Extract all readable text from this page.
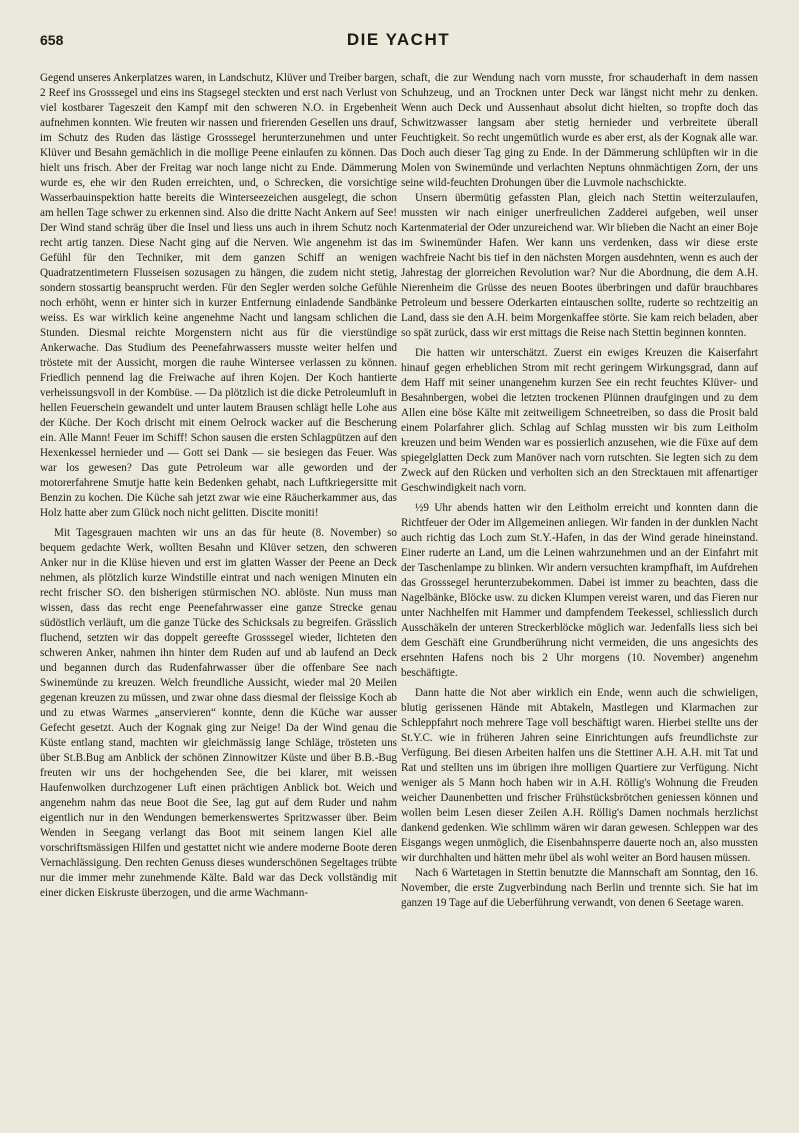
658	DIE YACHT

Gegend unseres Ankerplatzes waren, in Landschutz, Klüver und Treiber bargen, 2 Reef ins Grosssegel und eins ins Stagsegel steckten und erst nach Verlust von viel kostbarer Tageszeit den Kampf mit den schweren N.O. in Ergebenheit aufnehmen konnten. Wie freuten wir nassen und frierenden Gesellen uns drauf, im Schutz des Ruden das lästige Grosssegel herunterzunehmen und unter Klüver und Besahn gemächlich in die mollige Peene einlaufen zu können. Das hielt uns frisch. Aber der Freitag war noch lange nicht zu Ende. Dämmerung wurde es, ehe wir den Ruden erreichten, und, o Schrecken, die vorsichtige Wasserbauinspektion hatte bereits die Winterseezeichen ausgelegt, die schon am hellen Tage schwer zu erkennen sind. Also die dritte Nacht Ankern auf See! Der Wind stand schräg über die Insel und liess uns auch in ihrem Schutz noch recht artig tanzen. Diese Nacht ging auf die Nerven. Wie angenehm ist das Gefühl für den Techniker, mit dem ganzen Schiff an wenigen Quadratzentimetern Flusseisen sozusagen zu hängen, die zudem nicht stetig, sondern stossartig beansprucht werden. Für den Segler werden solche Gefühle noch erhöht, wenn er hinter sich in kurzer Entfernung einladende Sandbänke weiss. Es war wirklich keine angenehme Nacht und langsam schlichen die Stunden. Diesmal reichte Morgenstern nicht aus für die vierstündige Ankerwache. Das Studium des Peenefahrwassers musste weiter helfen und tröstete mit der Aussicht, morgen die rauhe Wintersee verlassen zu können. Friedlich pennend lag die Freiwache auf ihren Kojen. Der Koch hantierte verheissungsvoll in der Kombüse. — Da plötzlich ist die dicke Petroleumluft in hellen Feuerschein gewandelt und unter lautem Brausen schlägt helle Lohe aus der Küche. Der Koch drischt mit einem Oelrock wacker auf die Bescherung ein. Alle Mann! Feuer im Schiff! Schon sausen die ersten Schlagpützen auf den Hexenkessel hernieder und — Gott sei Dank — sie besiegen das Feuer. Was war los gewesen? Das gute Petroleum war alle geworden und der motorerfahrene Smutje hatte kein Bedenken gehabt, nach Luftkriegersitte mit Benzin zu kochen. Die Küche sah jetzt zwar wie eine Räucherkammer aus, das Holz hatte aber zum Glück noch nicht gelitten. Discite moniti!

Mit Tagesgrauen machten wir uns an das für heute (8. November) so bequem gedachte Werk, wollten Besahn und Klüver setzen, den schweren Anker nur in die Klüse hieven und erst im glatten Wasser der Peene an Deck nehmen, als plötzlich kurze Windstille eintrat und nach wenigen Minuten ein recht frischer SO. den bisherigen stürmischen NO. ablöste. Nun muss man wissen, dass das recht enge Peenefahrwasser eine ganze Strecke genau südöstlich verläuft, um die ganze Tücke des Schicksals zu begreifen. Grässlich fluchend, setzten wir das doppelt gereefte Grosssegel wieder, lichteten den schweren Anker, nahmen ihn hinter dem Ruden auf und ab laufend an Deck und begannen durch das Rudenfahrwasser über die offenbare See nach Swinemünde zu kreuzen. Welch freundliche Aussicht, wieder mal 20 Meilen gegenan kreuzen zu müssen, und zwar ohne dass diesmal der fleissige Koch ab und zu etwas Warmes „anservieren“ konnte, denn die Küche war ausser Gefecht gesetzt. Auch der Kognak ging zur Neige! Da der Wind genau die Küste entlang stand, machten wir gleichmässig lange Schläge, trösteten uns über St.B.Bug am Anblick der schönen Zinnowitzer Küste und über B.B.-Bug freuten wir uns der hochgehenden See, die bei klarer, mit weissen Haufenwolken durchzogener Luft einen prächtigen Anblick bot. Weich und angenehm nahm das neue Boot die See, lag gut auf dem Ruder und nahm eigentlich nur in den Wendungen bemerkenswertes Spritzwasser über. Beim Wenden in Seegang verlangt das Boot mit seinem langen Kiel alle vorschriftsmässigen Hilfen und gestattet nicht wie andere moderne Boote deren Vernachlässigung. Den rechten Genuss dieses wunderschönen Segeltages trübte nur die immer mehr zunehmende Kälte. Bald war das Deck vollständig mit einer dicken Eiskruste überzogen, und die arme Wachmann-

schaft, die zur Wendung nach vorn musste, fror schauderhaft in dem nassen Schuhzeug, und an Trocknen unter Deck war längst nicht mehr zu denken. Wenn auch Deck und Aussenhaut absolut dicht hielten, so tropfte doch das Schwitzwasser langsam aber stetig hernieder und verbreitete überall Feuchtigkeit. So recht ungemütlich wurde es aber erst, als der Kognak alle war. Doch auch dieser Tag ging zu Ende. In der Dämmerung schlüpften wir in die Molen von Swinemünde und verlachten Neptuns ohnmächtigen Zorn, der uns seine wild-feuchten Drohungen über die Luvmole nachschickte.

Unsern übermütig gefassten Plan, gleich nach Stettin weiterzulaufen, mussten wir nach einiger unerfreulichen Zadderei aufgeben, weil unser Kartenmaterial der Oder unzureichend war. Wir blieben die Nacht an einer Boje im Swinemünder Hafen. Wer kann uns verdenken, dass wir diese erste wachfreie Nacht bis tief in den nächsten Morgen ausdehnten, wenn es auch der Jahrestag der glorreichen Revolution war? Nur die Abordnung, die dem A.H. Nierenheim die Grüsse des neuen Bootes überbringen und dafür brauchbares Petroleum und bessere Oderkarten eintauschen sollte, ruderte so rechtzeitig an Land, dass sie den A.H. beim Morgenkaffee störte. Sie kam reich beladen, aber so spät zurück, dass wir erst mittags die Reise nach Stettin beginnen konnten.

Die hatten wir unterschätzt. Zuerst ein ewiges Kreuzen die Kaiserfahrt hinauf gegen erheblichen Strom mit recht geringem Wirkungsgrad, dann auf dem Haff mit seiner unangenehm kurzen See ein recht feuchtes Klüver- und Besahnbergen, wobei die letzten trockenen Plünnen draufgingen und zu dem Allen eine böse Kälte mit zeitweiligem Schneetreiben, so dass die Prosit bald einem Polarfahrer glich. Schlag auf Schlag mussten wir bis zum Leitholm kreuzen und beim Wenden war es possierlich anzusehen, wie die Füxe auf dem spiegelglatten Deck zum Manöver nach vorn rutschten. Sie legten sich zu dem Zweck auf den Rücken und verholten sich an den Strecktauen mit affenartiger Geschwindigkeit nach vorn.

½9 Uhr abends hatten wir den Leitholm erreicht und konnten dann die Richtfeuer der Oder im Allgemeinen anliegen. Wir fanden in der dunklen Nacht auch richtig das Loch zum St.Y.-Hafen, in das der Wind gerade hineinstand. Einer ruderte an Land, um die Leinen wahrzunehmen und an der Einfahrt mit der Taschenlampe zu blinken. Wir andern versuchten krampfhaft, im Aufdrehen das Grosssegel herunterzubekommen. Dabei ist immer zu beachten, dass die Nagelbänke, Blöcke usw. zu dicken Klumpen vereist waren, und das Fieren nur unter Nachhelfen mit Hammer und dampfendem Teekessel, schliesslich durch Ausschäkeln der unteren Streckerblöcke möglich war. Jedenfalls liess sich bei dem Geschäft eine Grundberührung nicht vermeiden, die uns angesichts des ersehnten Hafens noch bis 2 Uhr morgens (10. November) angenehm beschäftigte.

Dann hatte die Not aber wirklich ein Ende, wenn auch die schwieligen, blutig gerissenen Hände mit Abtakeln, Mastlegen und Klarmachen zur Schleppfahrt noch mehrere Tage voll beschäftigt waren. Hierbei stellte uns der St.Y.C. wie in früheren Jahren seine Einrichtungen aufs freundlichste zur Verfügung. Bei diesen Arbeiten halfen uns die Stettiner A.H. A.H. mit Tat und Rat und stellten uns im übrigen ihre molligen Quartiere zur Verfügung. Nicht weniger als 5 Mann hoch haben wir in A.H. Röllig's Wohnung die Freuden weicher Daunenbetten und frischer Frühstücksbrötchen geniessen können und wollen beim Lesen dieser Zeilen A.H. Röllig's Damen nochmals herzlichst dankend gedenken. Wie schlimm wären wir daran gewesen. Schleppen war des Eisgangs wegen unmöglich, die Eisenbahnsperre dauerte noch an, also mussten wir durchhalten und hätten mehr übel als wohl weiter an Bord hausen müssen.

Nach 6 Wartetagen in Stettin benutzte die Mannschaft am Sonntag, den 16. November, die erste Zugverbindung nach Berlin und trennte sich. Sie hat im ganzen 19 Tage auf die Ueberführung verwandt, von denen 6 Seetage waren.
